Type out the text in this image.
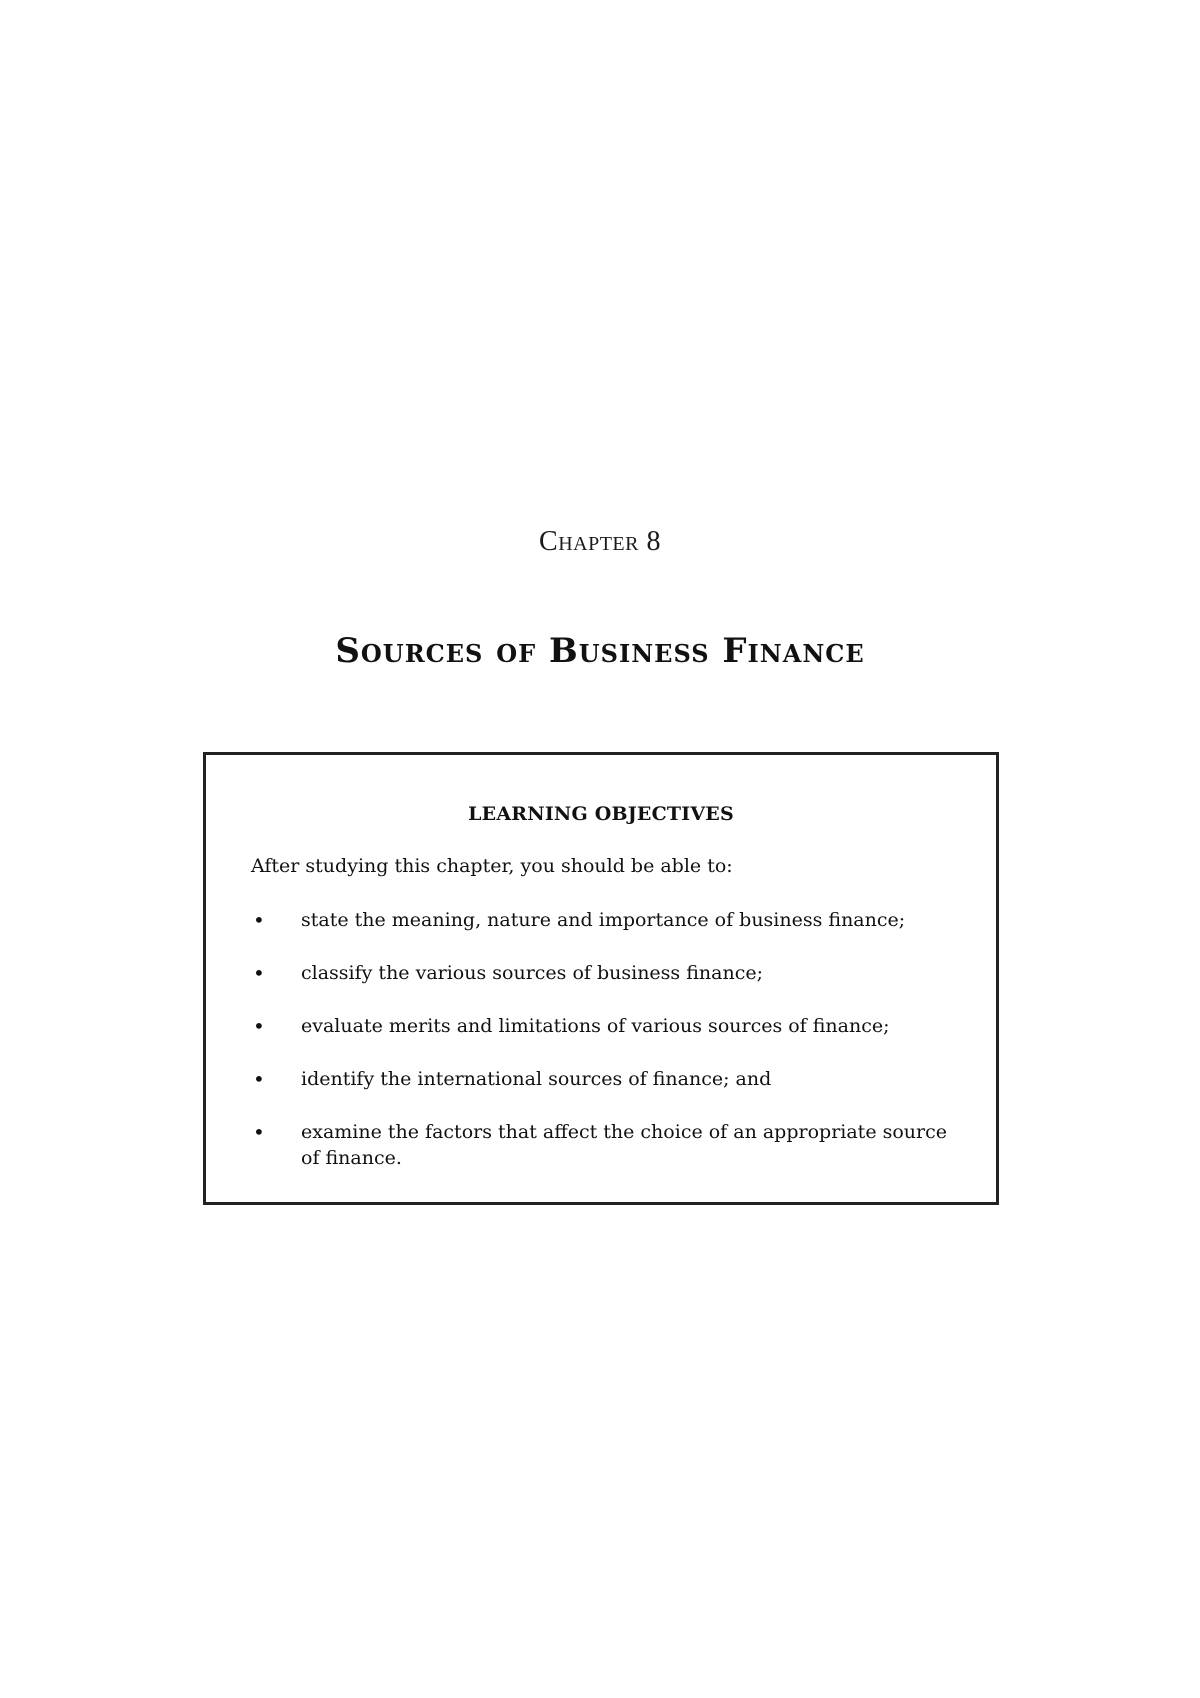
Chapter 8
Sources of Business Finance
LEARNING OBJECTIVES
After studying this chapter, you should be able to:
• state the meaning, nature and importance of business finance;
• classify the various sources of business finance;
• evaluate merits and limitations of various sources of finance;
• identify the international sources of finance; and
• examine the factors that affect the choice of an appropriate source of finance.
